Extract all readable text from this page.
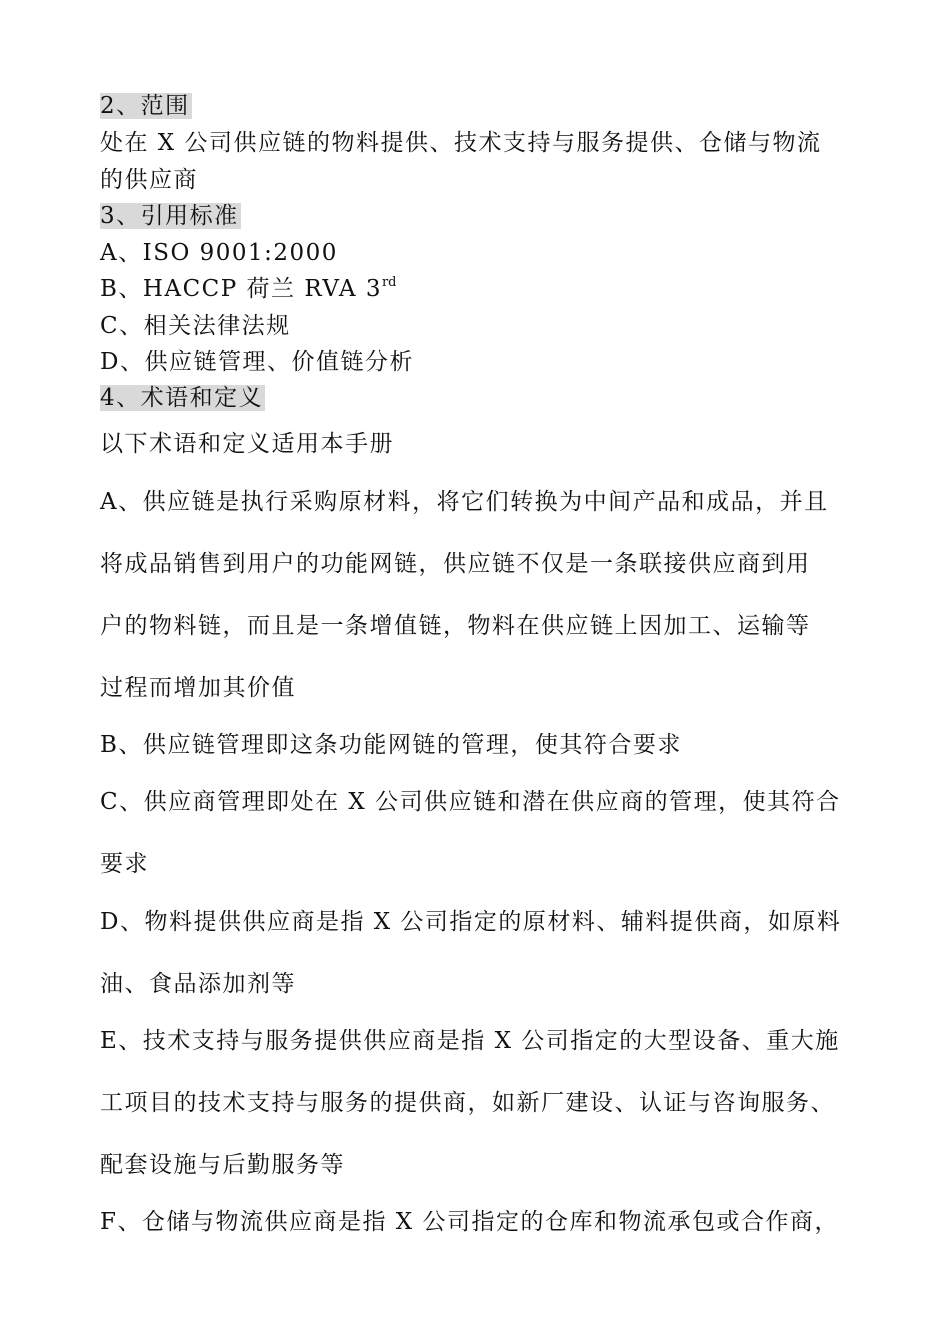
2、范围
处在 X 公司供应链的物料提供、技术支持与服务提供、仓储与物流
的供应商
3、引用标准
A、ISO 9001:2000
B、HACCP 荷兰 RVA 3rd
C、相关法律法规
D、供应链管理、价值链分析
4、术语和定义
以下术语和定义适用本手册
A、供应链是执行采购原材料，将它们转换为中间产品和成品，并且
将成品销售到用户的功能网链，供应链不仅是一条联接供应商到用
户的物料链，而且是一条增值链，物料在供应链上因加工、运输等
过程而增加其价值
B、供应链管理即这条功能网链的管理，使其符合要求
C、供应商管理即处在 X 公司供应链和潜在供应商的管理，使其符合
要求
D、物料提供供应商是指 X 公司指定的原材料、辅料提供商，如原料
油、食品添加剂等
E、技术支持与服务提供供应商是指 X 公司指定的大型设备、重大施
工项目的技术支持与服务的提供商，如新厂建设、认证与咨询服务、
配套设施与后勤服务等
F、仓储与物流供应商是指 X 公司指定的仓库和物流承包或合作商，
